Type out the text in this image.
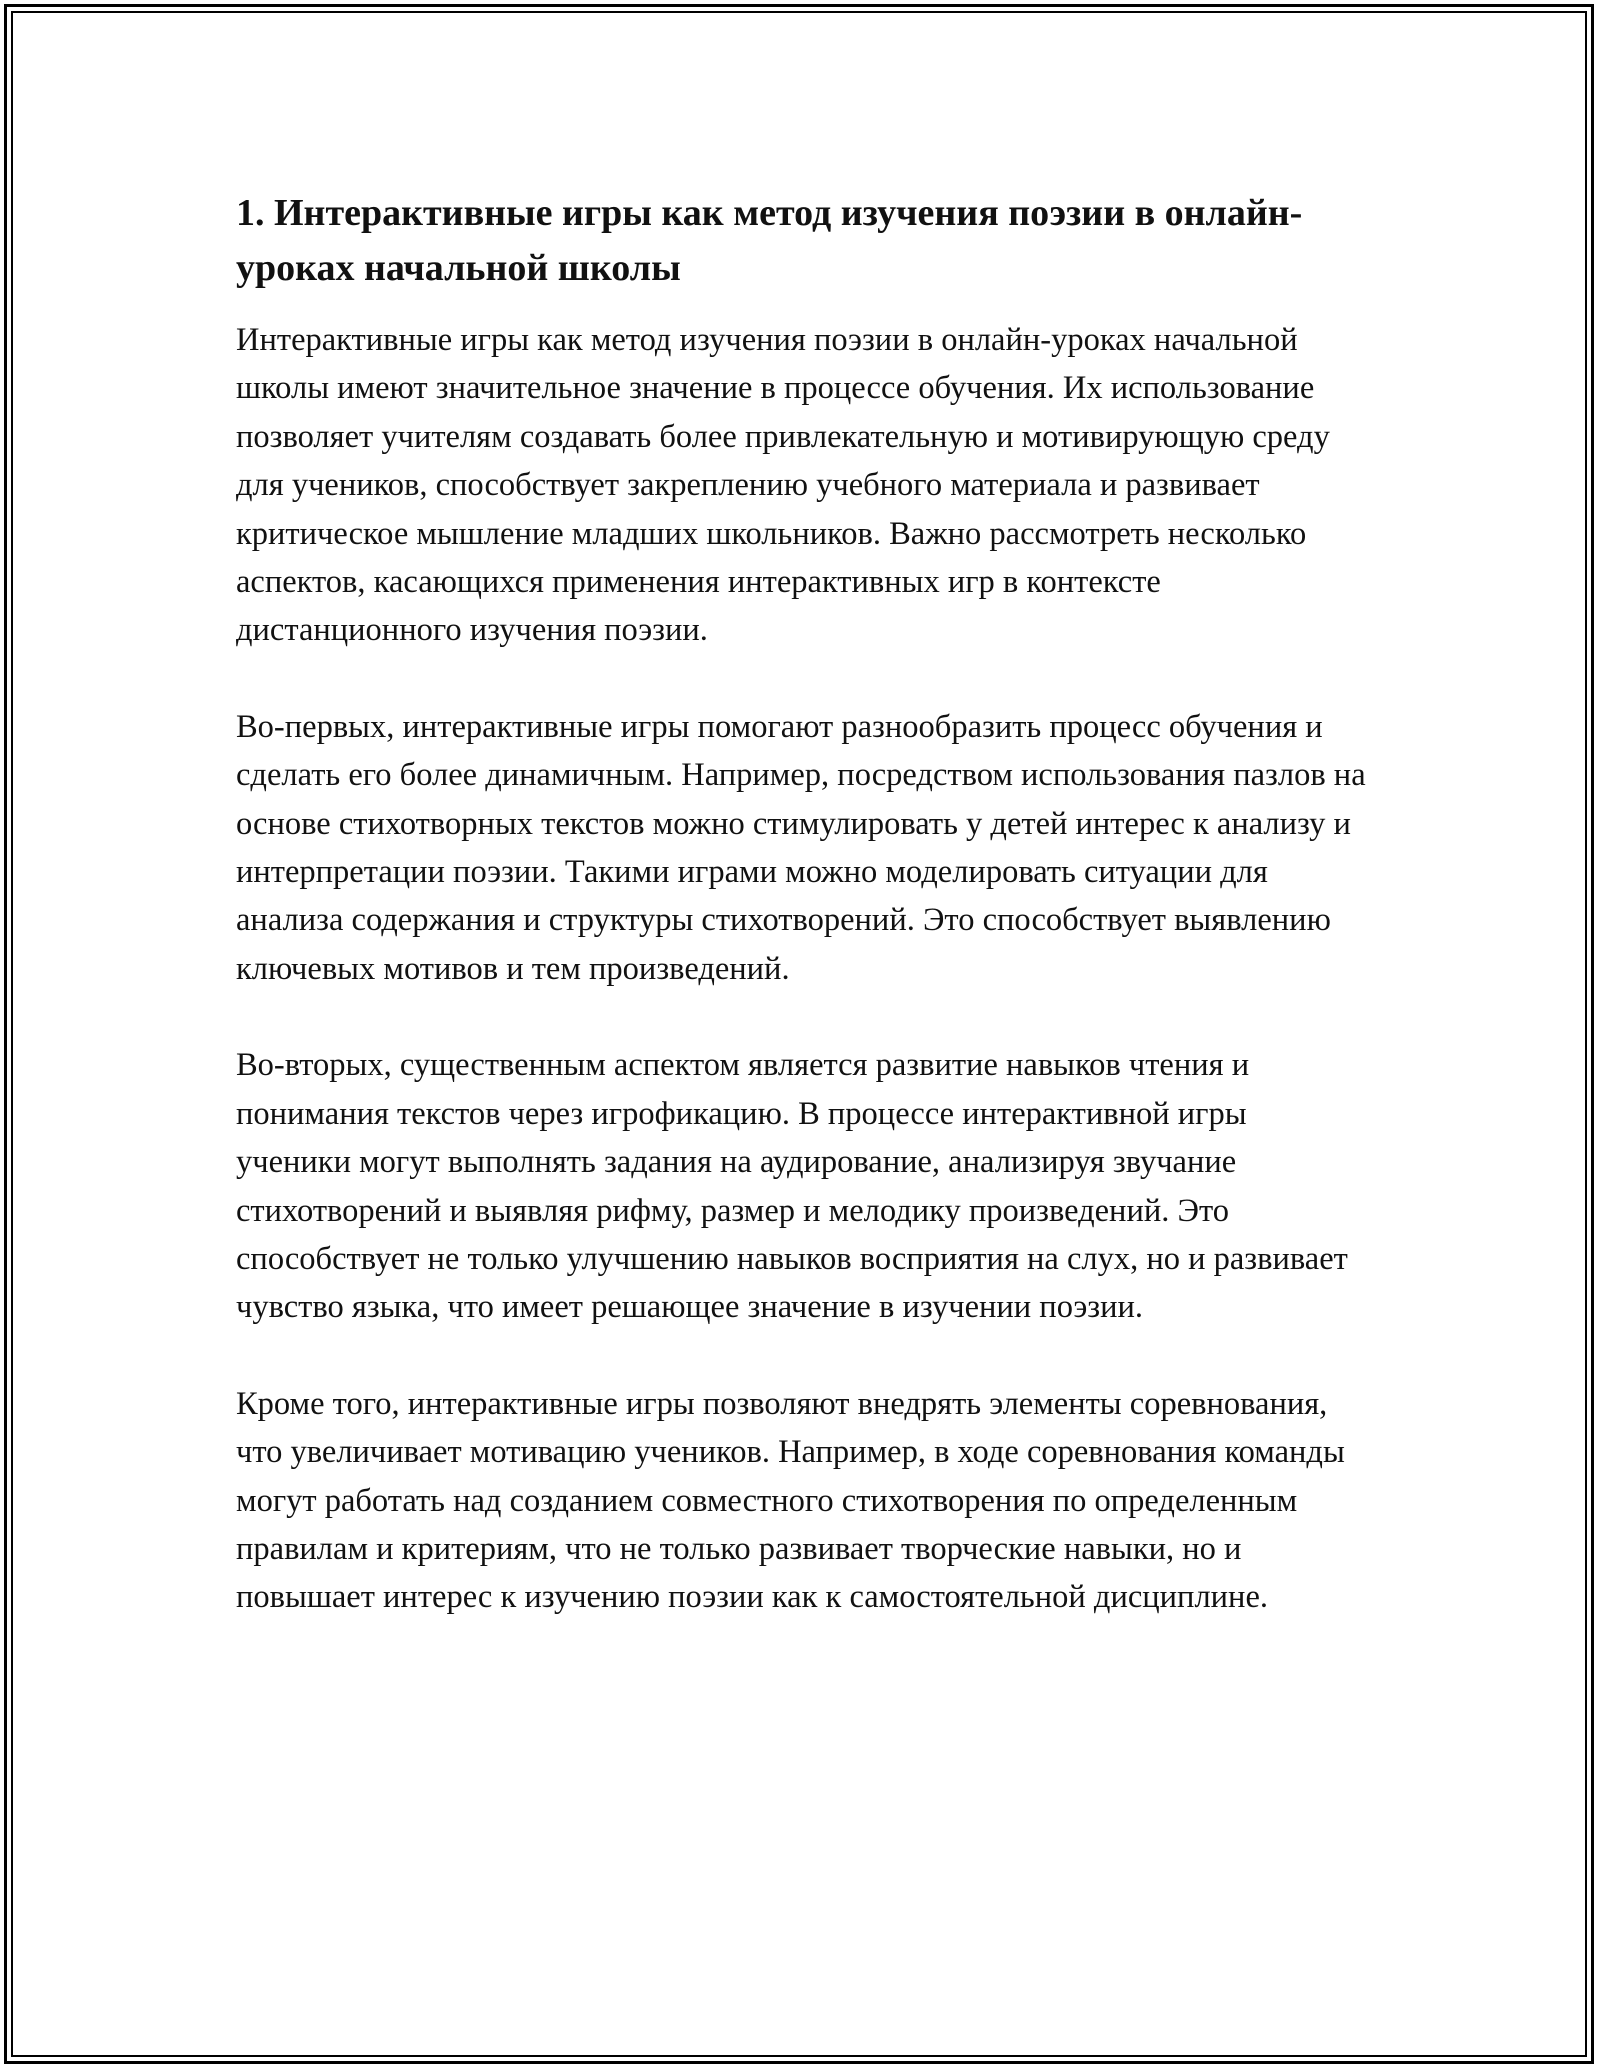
1. Интерактивные игры как метод изучения поэзии в онлайн-уроках начальной школы

Интерактивные игры как метод изучения поэзии в онлайн-уроках начальной школы имеют значительное значение в процессе обучения. Их использование позволяет учителям создавать более привлекательную и мотивирующую среду для учеников, способствует закреплению учебного материала и развивает критическое мышление младших школьников. Важно рассмотреть несколько аспектов, касающихся применения интерактивных игр в контексте дистанционного изучения поэзии.

Во-первых, интерактивные игры помогают разнообразить процесс обучения и сделать его более динамичным. Например, посредством использования пазлов на основе стихотворных текстов можно стимулировать у детей интерес к анализу и интерпретации поэзии. Такими играми можно моделировать ситуации для анализа содержания и структуры стихотворений. Это способствует выявлению ключевых мотивов и тем произведений.

Во-вторых, существенным аспектом является развитие навыков чтения и понимания текстов через игрофикацию. В процессе интерактивной игры ученики могут выполнять задания на аудирование, анализируя звучание стихотворений и выявляя рифму, размер и мелодику произведений. Это способствует не только улучшению навыков восприятия на слух, но и развивает чувство языка, что имеет решающее значение в изучении поэзии.

Кроме того, интерактивные игры позволяют внедрять элементы соревнования, что увеличивает мотивацию учеников. Например, в ходе соревнования команды могут работать над созданием совместного стихотворения по определенным правилам и критериям, что не только развивает творческие навыки, но и повышает интерес к изучению поэзии как к самостоятельной дисциплине.
